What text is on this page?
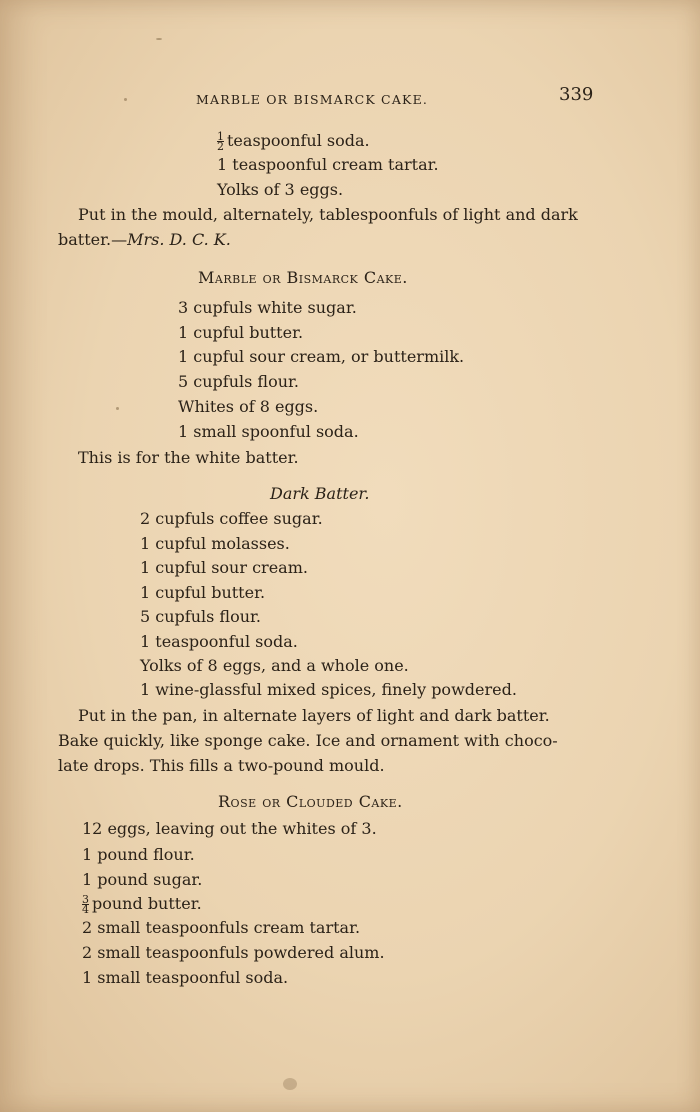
MARBLE OR BISMARCK CAKE.	339
$\frac{1}{2}$ teaspoonful soda.
1 teaspoonful cream tartar.
Yolks of 3 eggs.
Put in the mould, alternately, tablespoonfuls of light and dark
batter.—Mrs. D. C. K.
Marble or Bismarck Cake.
3 cupfuls white sugar.
1 cupful butter.
1 cupful sour cream, or buttermilk.
5 cupfuls flour.
Whites of 8 eggs.
1 small spoonful soda.
This is for the white batter.
Dark Batter.
2 cupfuls coffee sugar.
1 cupful molasses.
1 cupful sour cream.
1 cupful butter.
5 cupfuls flour.
1 teaspoonful soda.
Yolks of 8 eggs, and a whole one.
1 wine-glassful mixed spices, finely powdered.
Put in the pan, in alternate layers of light and dark batter.
Bake quickly, like sponge cake. Ice and ornament with choco-
late drops. This fills a two-pound mould.
Rose or Clouded Cake.
12 eggs, leaving out the whites of 3.
1 pound flour.
1 pound sugar.
$\frac{3}{4}$ pound butter.
2 small teaspoonfuls cream tartar.
2 small teaspoonfuls powdered alum.
1 small teaspoonful soda.
